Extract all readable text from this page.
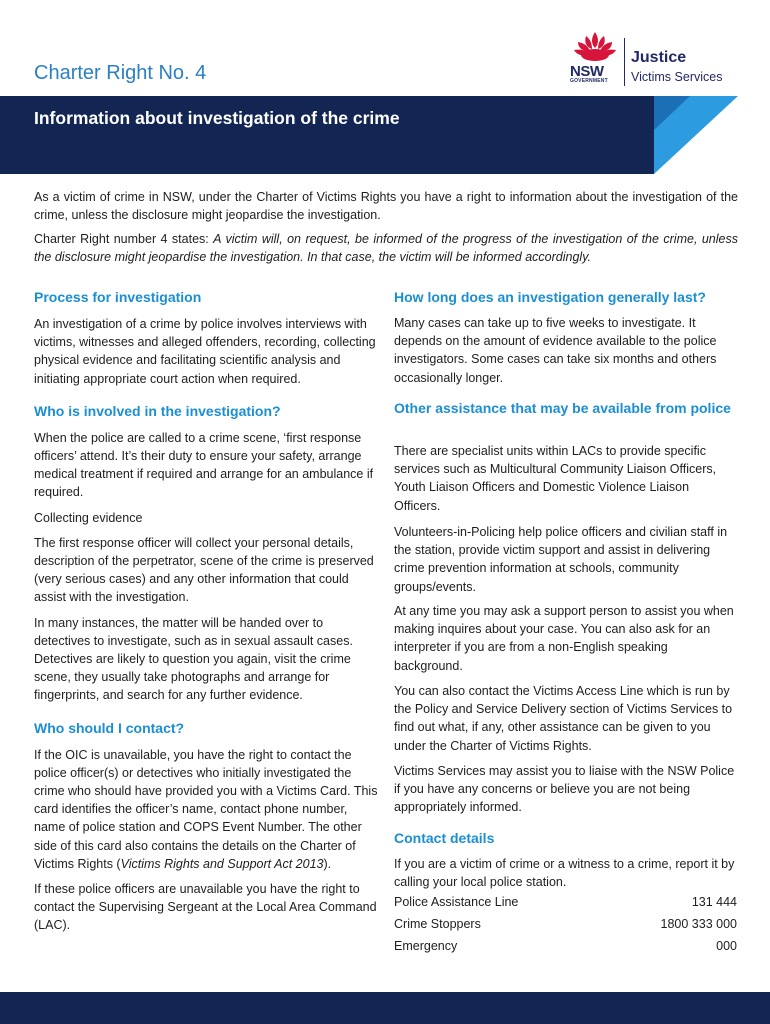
Charter Right No. 4	NSW
GOVERNMENT
Justice
Victims Services
Information about investigation of the crime

As a victim of crime in NSW, under the Charter of Victims Rights you have a right to information about the investigation of the crime, unless the disclosure might jeopardise the investigation.

Charter Right number 4 states: A victim will, on request, be informed of the progress of the investigation of the crime, unless the disclosure might jeopardise the investigation. In that case, the victim will be informed accordingly.

Process for investigation

An investigation of a crime by police involves interviews with victims, witnesses and alleged offenders, recording, collecting physical evidence and facilitating scientific analysis and initiating appropriate court action when required.

Who is involved in the investigation?

When the police are called to a crime scene, ‘first response officers’ attend. It’s their duty to ensure your safety, arrange medical treatment if required and arrange for an ambulance if required.

Collecting evidence

The first response officer will collect your personal details, description of the perpetrator, scene of the crime is preserved (very serious cases) and any other information that could assist with the investigation.

In many instances, the matter will be handed over to detectives to investigate, such as in sexual assault cases. Detectives are likely to question you again, visit the crime scene, they usually take photographs and arrange for fingerprints, and search for any further evidence.

Who should I contact?

If the OIC is unavailable, you have the right to contact the police officer(s) or detectives who initially investigated the crime who should have provided you with a Victims Card. This card identifies the officer’s name, contact phone number, name of police station and COPS Event Number. The other side of this card also contains the details on the Charter of Victims Rights (Victims Rights and Support Act 2013).

If these police officers are unavailable you have the right to contact the Supervising Sergeant at the Local Area Command (LAC).

How long does an investigation generally last?
Many cases can take up to five weeks to investigate. It depends on the amount of evidence available to the police investigators. Some cases can take six months and others occasionally longer.
Other assistance that may be available from police
There are specialist units within LACs to provide specific services such as Multicultural Community Liaison Officers, Youth Liaison Officers and Domestic Violence Liaison Officers.
Volunteers-in-Policing help police officers and civilian staff in the station, provide victim support and assist in delivering crime prevention information at schools, community groups/events.
At any time you may ask a support person to assist you when making inquires about your case. You can also ask for an interpreter if you are from a non-English speaking background.
You can also contact the Victims Access Line which is run by the Policy and Service Delivery section of Victims Services to find out what, if any, other assistance can be given to you under the Charter of Victims Rights.
Victims Services may assist you to liaise with the NSW Police if you have any concerns or believe you are not being appropriately informed.
Contact details
If you are a victim of crime or a witness to a crime, report it by calling your local police station.
Police Assistance Line	131 444
Crime Stoppers	1800 333 000
Emergency	000
